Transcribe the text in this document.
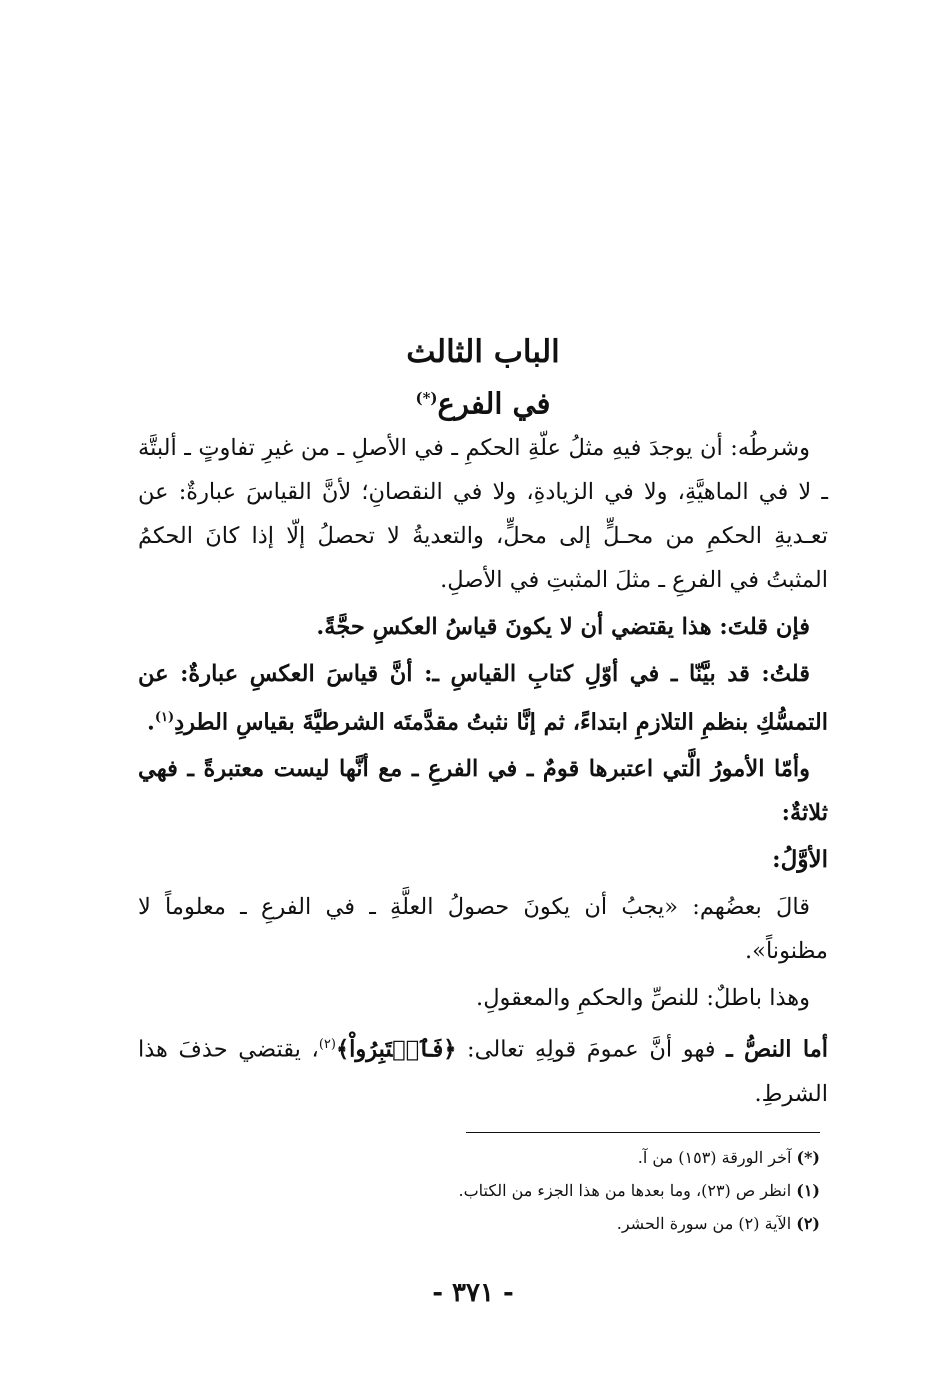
الباب الثالث
في الفرع(*)

وشرطُه: أن يوجدَ فيهِ مثلُ علّةِ الحكمِ ـ في الأصلِ ـ من غيرِ تفاوتٍ ـ ألبتَّة ـ لا في الماهيَّةِ، ولا في الزيادةِ، ولا في النقصانِ؛ لأنَّ القياسَ عبارةٌ: عن تعـديةِ الحكمِ من محـلٍّ إلى محلٍّ، والتعديةُ لا تحصلُ إلّا إذا كانَ الحكمُ المثبتُ في الفرعِ ـ مثلَ المثبتِ في الأصلِ.

فإن قلتَ: هذا يقتضي أن لا يكونَ قياسُ العكسِ حجَّةً.

قلتُ: قد بيَّنّا ـ في أوّلِ كتابِ القياسِ ـ: أنَّ قياسَ العكسِ عبارةٌ: عن التمسُّكِ بنظمِ التلازمِ ابتداءً، ثم إنَّا نثبتُ مقدَّمتَه الشرطيَّةَ بقياسِ الطردِ$^{(١)}$.

وأمّا الأمورُ الَّتي اعتبرها قومٌ ـ في الفرعِ ـ مع أنَّها ليست معتبرةً ـ فهي ثلاثةٌ:

الأوَّلُ:

قالَ بعضُهم: «يجبُ أن يكونَ حصولُ العلَّةِ ـ في الفرعِ ـ معلوماً لا مظنوناً».

وهذا باطلٌ: للنصِّ والحكمِ والمعقولِ.

أما النصُّ ـ فهو أنَّ عمومَ قولِهِ تعالى: ﴿فَٱعۡتَبِرُواْ﴾$^{(٢)}$، يقتضي حذفَ هذا الشرطِ.

(*) آخر الورقة (١٥٣) من آ.

(١) انظر ص (٢٣)، وما بعدها من هذا الجزء من الكتاب.

(٢) الآية (٢) من سورة الحشر.

- ٣٧١ -
